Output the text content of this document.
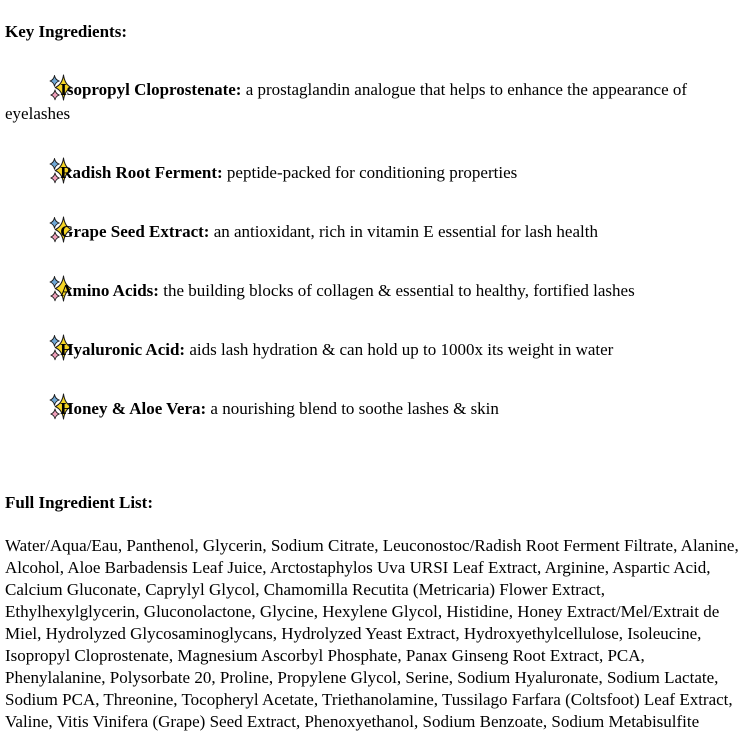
Key Ingredients:

Isopropyl Cloprostenate: a prostaglandin analogue that helps to enhance the appearance of eyelashes

Radish Root Ferment: peptide-packed for conditioning properties

Grape Seed Extract: an antioxidant, rich in vitamin E essential for lash health

Amino Acids: the building blocks of collagen & essential to healthy, fortified lashes

Hyaluronic Acid: aids lash hydration & can hold up to 1000x its weight in water

Honey & Aloe Vera: a nourishing blend to soothe lashes & skin

Full Ingredient List:

Water/Aqua/Eau, Panthenol, Glycerin, Sodium Citrate, Leuconostoc/Radish Root Ferment Filtrate, Alanine, Alcohol, Aloe Barbadensis Leaf Juice, Arctostaphylos Uva URSI Leaf Extract, Arginine, Aspartic Acid, Calcium Gluconate, Caprylyl Glycol, Chamomilla Recutita (Metricaria) Flower Extract, Ethylhexylglycerin, Gluconolactone, Glycine, Hexylene Glycol, Histidine, Honey Extract/Mel/Extrait de Miel, Hydrolyzed Glycosaminoglycans, Hydrolyzed Yeast Extract, Hydroxyethylcellulose, Isoleucine, Isopropyl Cloprostenate, Magnesium Ascorbyl Phosphate, Panax Ginseng Root Extract, PCA, Phenylalanine, Polysorbate 20, Proline, Propylene Glycol, Serine, Sodium Hyaluronate, Sodium Lactate, Sodium PCA, Threonine, Tocopheryl Acetate, Triethanolamine, Tussilago Farfara (Coltsfoot) Leaf Extract, Valine, Vitis Vinifera (Grape) Seed Extract, Phenoxyethanol, Sodium Benzoate, Sodium Metabisulfite
